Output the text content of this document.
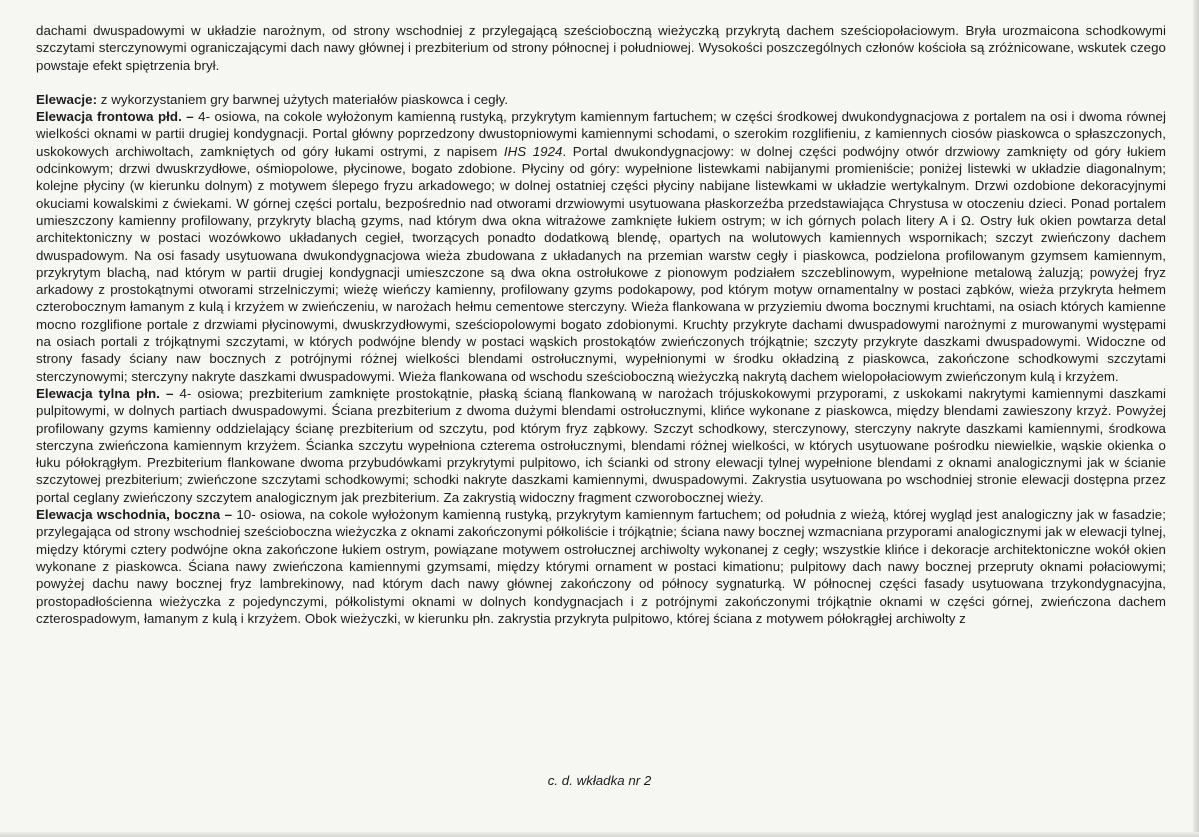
dachami dwuspadowymi w układzie narożnym, od strony wschodniej z przylegającą sześcioboczną wieżyczką przykrytą dachem sześciopołaciowym. Bryła urozmaicona schodkowymi szczytami sterczynowymi ograniczającymi dach nawy głównej i prezbiterium od strony północnej i południowej. Wysokości poszczególnych członów kościoła są zróżnicowane, wskutek czego powstaje efekt spiętrzenia brył.

Elewacje: z wykorzystaniem gry barwnej użytych materiałów piaskowca i cegły.

Elewacja frontowa płd. – 4- osiowa, na cokole wyłożonym kamienną rustyką, przykrytym kamiennym fartuchem; w części środkowej dwukondygnacjowa z portalem na osi i dwoma równej wielkości oknami w partii drugiej kondygnacji. Portal główny poprzedzony dwustopniowymi kamiennymi schodami, o szerokim rozglifieniu, z kamiennych ciosów piaskowca o spłaszczonych, uskokowych archiwoltach, zamkniętych od góry łukami ostrymi, z napisem IHS 1924. Portal dwukondygnacjowy: w dolnej części podwójny otwór drzwiowy zamknięty od góry łukiem odcinkowym; drzwi dwuskrzydłowe, ośmiopolowe, płycinowe, bogato zdobione. Płyciny od góry: wypełnione listewkami nabijanymi promieniście; poniżej listewki w układzie diagonalnym; kolejne płyciny (w kierunku dolnym) z motywem ślepego fryzu arkadowego; w dolnej ostatniej części płyciny nabijane listewkami w układzie wertykalnym. Drzwi ozdobione dekoracyjnymi okuciami kowalskimi z ćwiekami. W górnej części portalu, bezpośrednio nad otworami drzwiowymi usytuowana płaskorzeźba przedstawiająca Chrystusa w otoczeniu dzieci. Ponad portalem umieszczony kamienny profilowany, przykryty blachą gzyms, nad którym dwa okna witrażowe zamknięte łukiem ostrym; w ich górnych polach litery A i Ω. Ostry łuk okien powtarza detal architektoniczny w postaci wozówkowo układanych cegieł, tworzących ponadto dodatkową blendę, opartych na wolutowych kamiennych wspornikach; szczyt zwieńczony dachem dwuspadowym. Na osi fasady usytuowana dwukondygnacjowa wieża zbudowana z układanych na przemian warstw cegły i piaskowca, podzielona profilowanym gzymsem kamiennym, przykrytym blachą, nad którym w partii drugiej kondygnacji umieszczone są dwa okna ostrołukowe z pionowym podziałem szczeblinowym, wypełnione metalową żaluzją; powyżej fryz arkadowy z prostokątnymi otworami strzelniczymi; wieżę wieńczy kamienny, profilowany gzyms podokapowy, pod którym motyw ornamentalny w postaci ząbków, wieża przykryta hełmem czterobocznym łamanym z kulą i krzyżem w zwieńczeniu, w narożach hełmu cementowe sterczyny. Wieża flankowana w przyziemiu dwoma bocznymi kruchtami, na osiach których kamienne mocno rozglifione portale z drzwiami płycinowymi, dwuskrzydłowymi, sześciopolowymi bogato zdobionymi. Kruchty przykryte dachami dwuspadowymi narożnymi z murowanymi występami na osiach portali z trójkątnymi szczytami, w których podwójne blendy w postaci wąskich prostokątów zwieńczonych trójkątnie; szczyty przykryte daszkami dwuspadowymi. Widoczne od strony fasady ściany naw bocznych z potrójnymi różnej wielkości blendami ostrołucznymi, wypełnionymi w środku okładziną z piaskowca, zakończone schodkowymi szczytami sterczynowymi; sterczyny nakryte daszkami dwuspadowymi. Wieża flankowana od wschodu sześcioboczną wieżyczką nakrytą dachem wielopołaciowym zwieńczonym kulą i krzyżem.

Elewacja tylna płn. – 4- osiowa; prezbiterium zamknięte prostokątnie, płaską ścianą flankowaną w narożach trójuskokowymi przyporami, z uskokami nakrytymi kamiennymi daszkami pulpitowymi, w dolnych partiach dwuspadowymi. Ściana prezbiterium z dwoma dużymi blendami ostrołucznymi, klińce wykonane z piaskowca, między blendami zawieszony krzyż. Powyżej profilowany gzyms kamienny oddzielający ścianę prezbiterium od szczytu, pod którym fryz ząbkowy. Szczyt schodkowy, sterczynowy, sterczyny nakryte daszkami kamiennymi, środkowa sterczyna zwieńczona kamiennym krzyżem. Ścianka szczytu wypełniona czterema ostrołucznymi, blendami różnej wielkości, w których usytuowane pośrodku niewielkie, wąskie okienka o łuku półokrągłym. Prezbiterium flankowane dwoma przybudówkami przykrytymi pulpitowo, ich ścianki od strony elewacji tylnej wypełnione blendami z oknami analogicznymi jak w ścianie szczytowej prezbiterium; zwieńczone szczytami schodkowymi; schodki nakryte daszkami kamiennymi, dwuspadowymi. Zakrystia usytuowana po wschodniej stronie elewacji dostępna przez portal ceglany zwieńczony szczytem analogicznym jak prezbiterium. Za zakrystią widoczny fragment czworobocznej wieży.

Elewacja wschodnia, boczna – 10- osiowa, na cokole wyłożonym kamienną rustyką, przykrytym kamiennym fartuchem; od południa z wieżą, której wygląd jest analogiczny jak w fasadzie; przylegająca od strony wschodniej sześcioboczna wieżyczka z oknami zakończonymi półkoliście i trójkątnie; ściana nawy bocznej wzmacniana przyporami analogicznymi jak w elewacji tylnej, między którymi cztery podwójne okna zakończone łukiem ostrym, powiązane motywem ostrołucznej archiwolty wykonanej z cegły; wszystkie klińce i dekoracje architektoniczne wokół okien wykonane z piaskowca. Ściana nawy zwieńczona kamiennymi gzymsami, między którymi ornament w postaci kimationu; pulpitowy dach nawy bocznej przepruty oknami połaciowymi; powyżej dachu nawy bocznej fryz lambrekinowy, nad którym dach nawy głównej zakończony od północy sygnaturką. W północnej części fasady usytuowana trzykondygnacyjna, prostopadłościenna wieżyczka z pojedynczymi, półkolistymi oknami w dolnych kondygnacjach i z potrójnymi zakończonymi trójkątnie oknami w części górnej, zwieńczona dachem czterospadowym, łamanym z kulą i krzyżem. Obok wieżyczki, w kierunku płn. zakrystia przykryta pulpitowo, której ściana z motywem półokrągłej archiwolty z

c. d. wkładka nr 2
